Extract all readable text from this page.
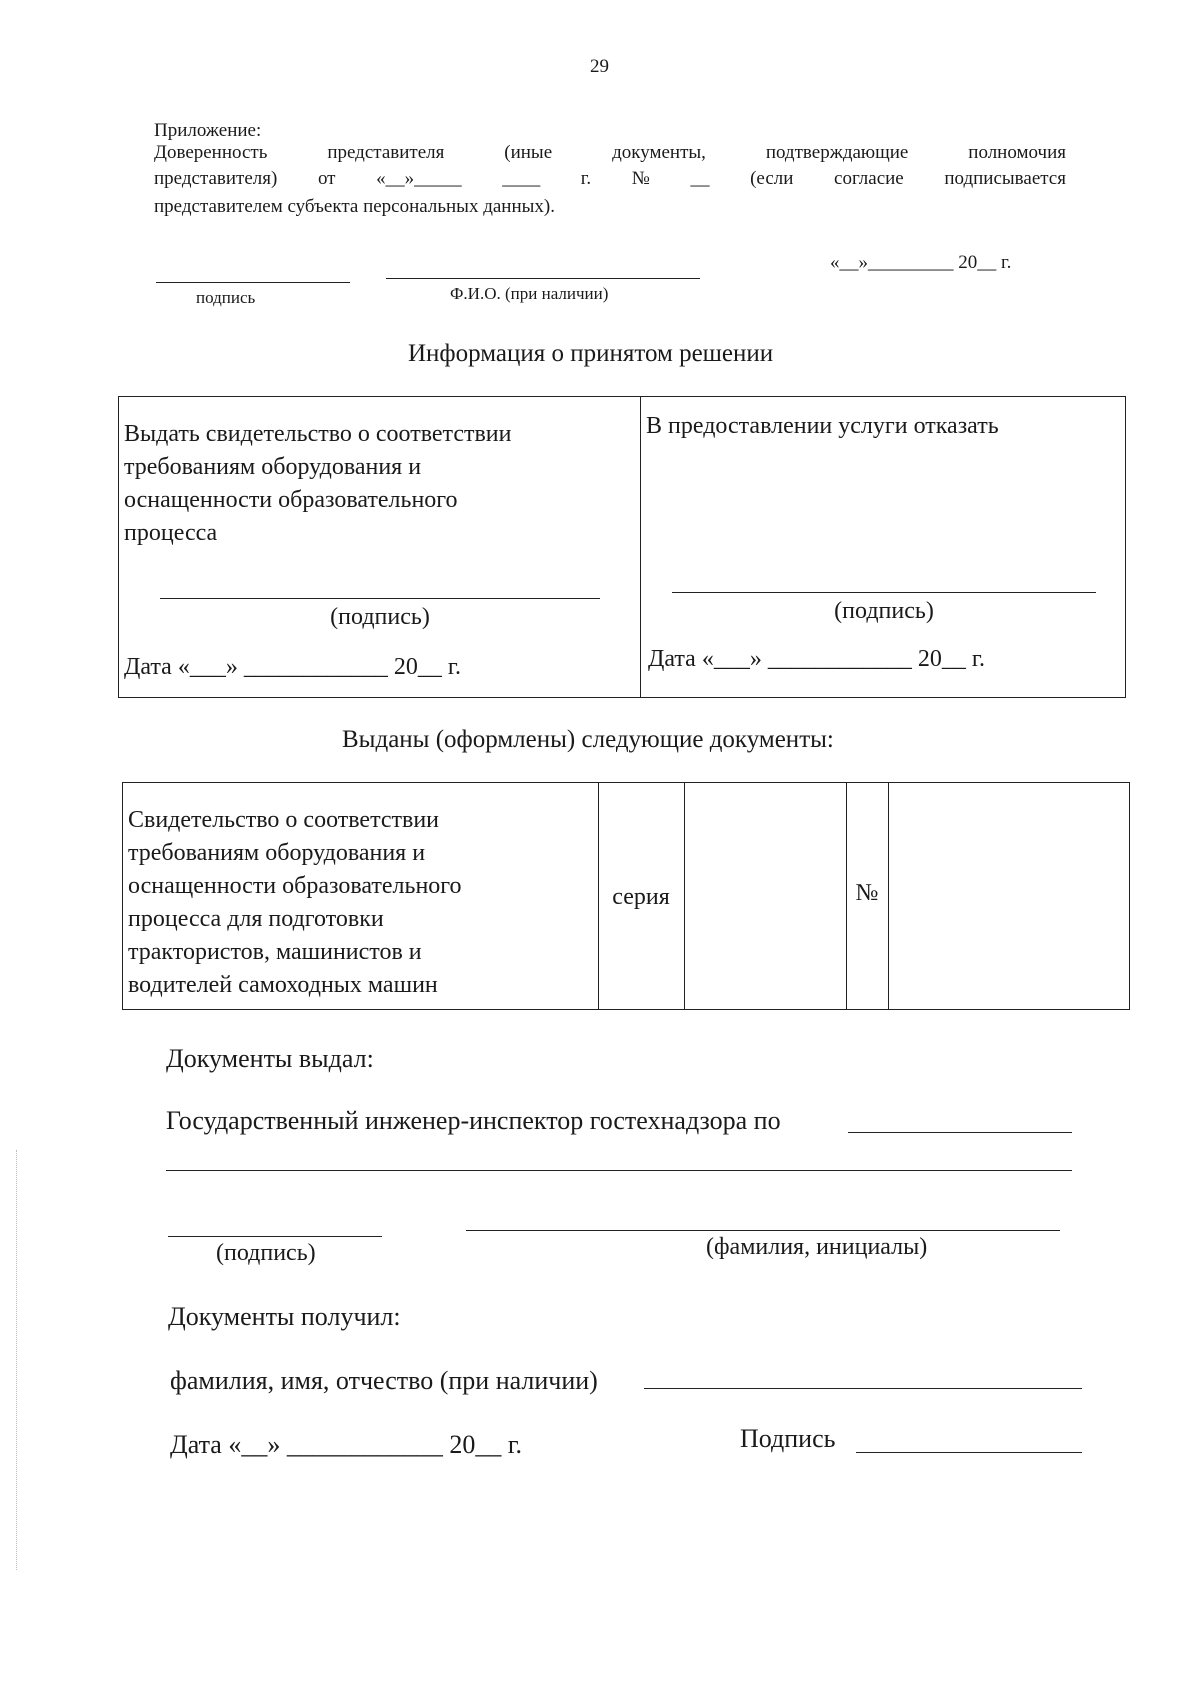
29
Приложение:
Доверенность	представителя	(иные	документы,	подтверждающие	полномочия
представителя) от «__»_____ ____ г. № __ (если согласие подписывается
представителем субъекта персональных данных).
подпись	Ф.И.О. (при наличии)
«__»_________ 20__ г.
Информация о принятом решении
Выдать свидетельство о соответствии
требованиям оборудования и
оснащенности образовательного
процесса
(подпись)
Дата «___» ____________ 20__ г.
В предоставлении услуги отказать
(подпись)
Дата «___» ____________ 20__ г.
Выданы (оформлены) следующие документы:
Свидетельство о соответствии
требованиям оборудования и
оснащенности образовательного
процесса для подготовки
трактористов, машинистов и
водителей самоходных машин
серия	№
Документы выдал:
Государственный инженер-инспектор гостехнадзора по
(подпись)	(фамилия, инициалы)
Документы получил:
фамилия, имя, отчество (при наличии)
Дата «__» ____________ 20__ г.	Подпись
